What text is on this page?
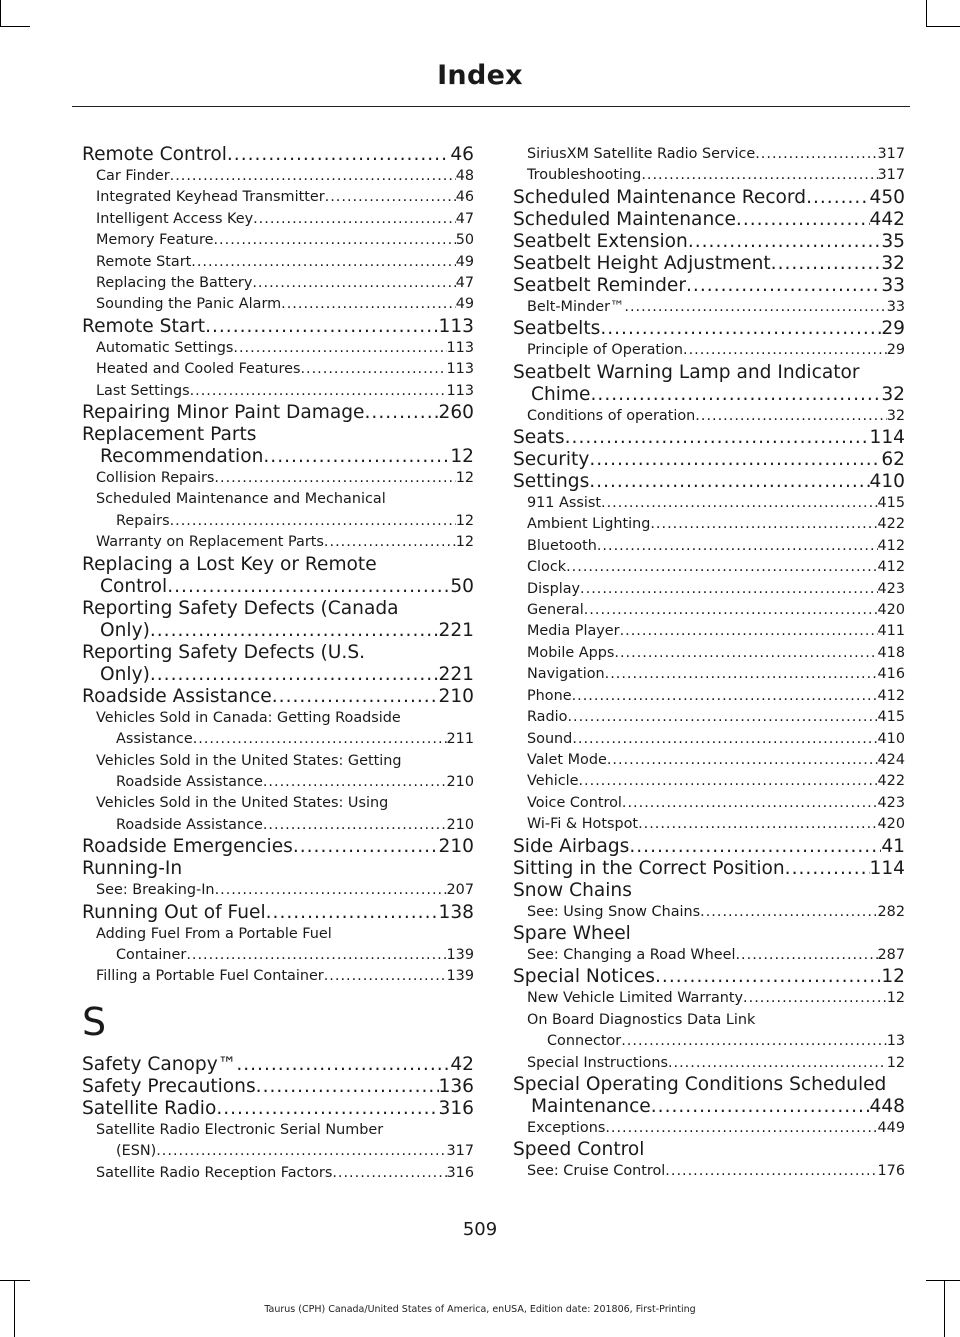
Index
Remote Control .....	46
Car Finder .....	48
Integrated Keyhead Transmitter .....	46
Intelligent Access Key .....	47
Memory Feature .....	50
Remote Start .....	49
Replacing the Battery .....	47
Sounding the Panic Alarm .....	49
Remote Start .....	113
Automatic Settings .....	113
Heated and Cooled Features .....	113
Last Settings .....	113
Repairing Minor Paint Damage .....	260
Replacement Parts
Recommendation .....	12
Collision Repairs .....	12
Scheduled Maintenance and Mechanical
Repairs .....	12
Warranty on Replacement Parts .....	12
Replacing a Lost Key or Remote
Control .....	50
Reporting Safety Defects (Canada
Only) .....	221
Reporting Safety Defects (U.S.
Only) .....	221
Roadside Assistance .....	210
Vehicles Sold in Canada: Getting Roadside
Assistance .....	211
Vehicles Sold in the United States: Getting
Roadside Assistance .....	210
Vehicles Sold in the United States: Using
Roadside Assistance .....	210
Roadside Emergencies .....	210
Running-In
See: Breaking-In .....	207
Running Out of Fuel .....	138
Adding Fuel From a Portable Fuel
Container .....	139
Filling a Portable Fuel Container .....	139
S
Safety Canopy™ .....	42
Safety Precautions .....	136
Satellite Radio .....	316
Satellite Radio Electronic Serial Number
(ESN) .....	317
Satellite Radio Reception Factors .....	316
SiriusXM Satellite Radio Service .....	317
Troubleshooting .....	317
Scheduled Maintenance Record .....	450
Scheduled Maintenance .....	442
Seatbelt Extension .....	35
Seatbelt Height Adjustment .....	32
Seatbelt Reminder .....	33
Belt-Minder™ .....	33
Seatbelts .....	29
Principle of Operation .....	29
Seatbelt Warning Lamp and Indicator
Chime .....	32
Conditions of operation .....	32
Seats .....	114
Security .....	62
Settings .....	410
911 Assist .....	415
Ambient Lighting .....	422
Bluetooth .....	412
Clock .....	412
Display .....	423
General .....	420
Media Player .....	411
Mobile Apps .....	418
Navigation .....	416
Phone .....	412
Radio .....	415
Sound .....	410
Valet Mode .....	424
Vehicle .....	422
Voice Control .....	423
Wi-Fi & Hotspot .....	420
Side Airbags .....	41
Sitting in the Correct Position .....	114
Snow Chains
See: Using Snow Chains .....	282
Spare Wheel
See: Changing a Road Wheel .....	287
Special Notices .....	12
New Vehicle Limited Warranty .....	12
On Board Diagnostics Data Link
Connector .....	13
Special Instructions .....	12
Special Operating Conditions Scheduled
Maintenance .....	448
Exceptions .....	449
Speed Control
See: Cruise Control .....	176
509
Taurus (CPH) Canada/United States of America, enUSA, Edition date: 201806, First-Printing
